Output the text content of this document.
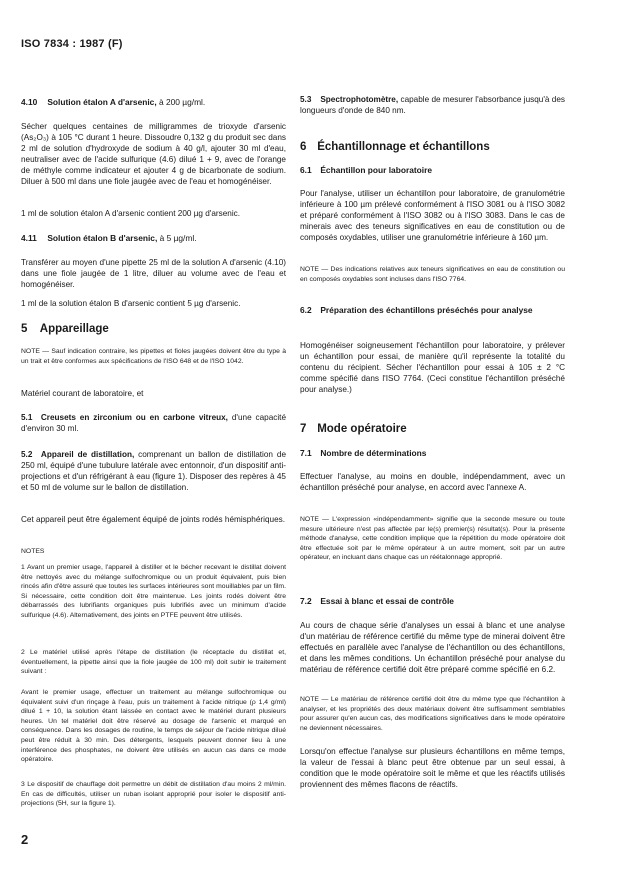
ISO 7834 : 1987 (F)
4.10 Solution étalon A d'arsenic, à 200 µg/ml.

Sécher quelques centaines de milligrammes de trioxyde d'arsenic (As₂O₃) à 105 °C durant 1 heure. Dissoudre 0,132 g du produit sec dans 2 ml de solution d'hydroxyde de sodium à 40 g/l, ajouter 30 ml d'eau, neutraliser avec de l'acide sulfurique (4.6) dilué 1 + 9, avec de l'orange de méthyle comme indicateur et ajouter 4 g de bicarbonate de sodium. Diluer à 500 ml dans une fiole jaugée avec de l'eau et homogénéiser.

1 ml de solution étalon A d'arsenic contient 200 µg d'arsenic.

4.11 Solution étalon B d'arsenic, à 5 µg/ml.

Transférer au moyen d'une pipette 25 ml de la solution A d'arsenic (4.10) dans une fiole jaugée de 1 litre, diluer au volume avec de l'eau et homogénéiser.

1 ml de la solution étalon B d'arsenic contient 5 µg d'arsenic.

5 Appareillage

NOTE — Sauf indication contraire, les pipettes et fioles jaugées doivent être du type à un trait et être conformes aux spécifications de l'ISO 648 et de l'ISO 1042.

Matériel courant de laboratoire, et

5.1 Creusets en zirconium ou en carbone vitreux, d'une capacité d'environ 30 ml.
5.2 Appareil de distillation, comprenant un ballon de distillation de 250 ml, équipé d'une tubulure latérale avec entonnoir, d'un dispositif anti-projections et d'un réfrigérant à eau (figure 1). Disposer des repères à 45 et 50 ml de volume sur le ballon de distillation.

Cet appareil peut être également équipé de joints rodés hémisphériques.

NOTES

1 Avant un premier usage, l'appareil à distiller et le bécher recevant le distillat doivent être nettoyés avec du mélange sulfochromique ou un produit équivalent, puis bien rincés afin d'être assuré que toutes les surfaces intérieures sont mouillables par un film. Si nécessaire, cette condition doit être maintenue. Les joints rodés doivent être débarrassés des lubrifiants organiques puis lubrifiés avec un minimum d'acide sulfurique (4.6). Alternativement, des joints en PTFE peuvent être utilisés.

2 Le matériel utilisé après l'étape de distillation (le réceptacle du distillat et, éventuellement, la pipette ainsi que la fiole jaugée de 100 ml) doit subir le traitement suivant :

Avant le premier usage, effectuer un traitement au mélange sulfochromique ou équivalent suivi d'un rinçage à l'eau, puis un traitement à l'acide nitrique (ρ 1,4 g/ml) dilué 1 + 10, la solution étant laissée en contact avec le matériel durant plusieurs heures. Un tel matériel doit être réservé au dosage de l'arsenic et marqué en conséquence. Dans les dosages de routine, le temps de séjour de l'acide nitrique dilué peut être réduit à 30 min. Des détergents, lesquels peuvent donner lieu à une interférence des phosphates, ne doivent être utilisés en aucun cas dans ce mode opératoire.

3 Le dispositif de chauffage doit permettre un débit de distillation d'au moins 2 ml/min. En cas de difficultés, utiliser un ruban isolant approprié pour isoler le dispositif anti-projections (5H, sur la figure 1).

5.3 Spectrophotomètre, capable de mesurer l'absorbance jusqu'à des longueurs d'onde de 840 nm.
6 Échantillonnage et échantillons
6.1 Échantillon pour laboratoire

Pour l'analyse, utiliser un échantillon pour laboratoire, de granulométrie inférieure à 100 µm prélevé conformément à l'ISO 3081 ou à l'ISO 3082 et préparé conformément à l'ISO 3082 ou à l'ISO 3083. Dans le cas de minerais avec des teneurs significatives en eau de constitution ou de composés oxydables, utiliser une granulométrie inférieure à 160 µm.

NOTE — Des indications relatives aux teneurs significatives en eau de constitution ou en composés oxydables sont incluses dans l'ISO 7764.

6.2 Préparation des échantillons préséchés pour analyse

Homogénéiser soigneusement l'échantillon pour laboratoire, y prélever un échantillon pour essai, de manière qu'il représente la totalité du contenu du récipient. Sécher l'échantillon pour essai à 105 ± 2 °C comme spécifié dans l'ISO 7764. (Ceci constitue l'échantillon préséché pour analyse.)

7 Mode opératoire
7.1 Nombre de déterminations

Effectuer l'analyse, au moins en double, indépendamment, avec un échantillon préséché pour analyse, en accord avec l'annexe A.

NOTE — L'expression «indépendamment» signifie que la seconde mesure ou toute mesure ultérieure n'est pas affectée par le(s) premier(s) résultat(s). Pour la présente méthode d'analyse, cette condition implique que la répétition du mode opératoire doit être effectuée soit par le même opérateur à un autre moment, soit par un autre opérateur, en incluant dans chaque cas un réétalonnage approprié.

7.2 Essai à blanc et essai de contrôle

Au cours de chaque série d'analyses un essai à blanc et une analyse d'un matériau de référence certifié du même type de minerai doivent être effectués en parallèle avec l'analyse de l'échantillon ou des échantillons, et dans les mêmes conditions. Un échantillon préséché pour analyse du matériau de référence certifié doit être préparé comme spécifié en 6.2.

NOTE — Le matériau de référence certifié doit être du même type que l'échantillon à analyser, et les propriétés des deux matériaux doivent être suffisamment semblables pour assurer qu'en aucun cas, des modifications significatives dans le mode opératoire ne deviennent nécessaires.

Lorsqu'on effectue l'analyse sur plusieurs échantillons en même temps, la valeur de l'essai à blanc peut être obtenue par un seul essai, à condition que le mode opératoire soit le même et que les réactifs utilisés proviennent des mêmes flacons de réactifs.

2
